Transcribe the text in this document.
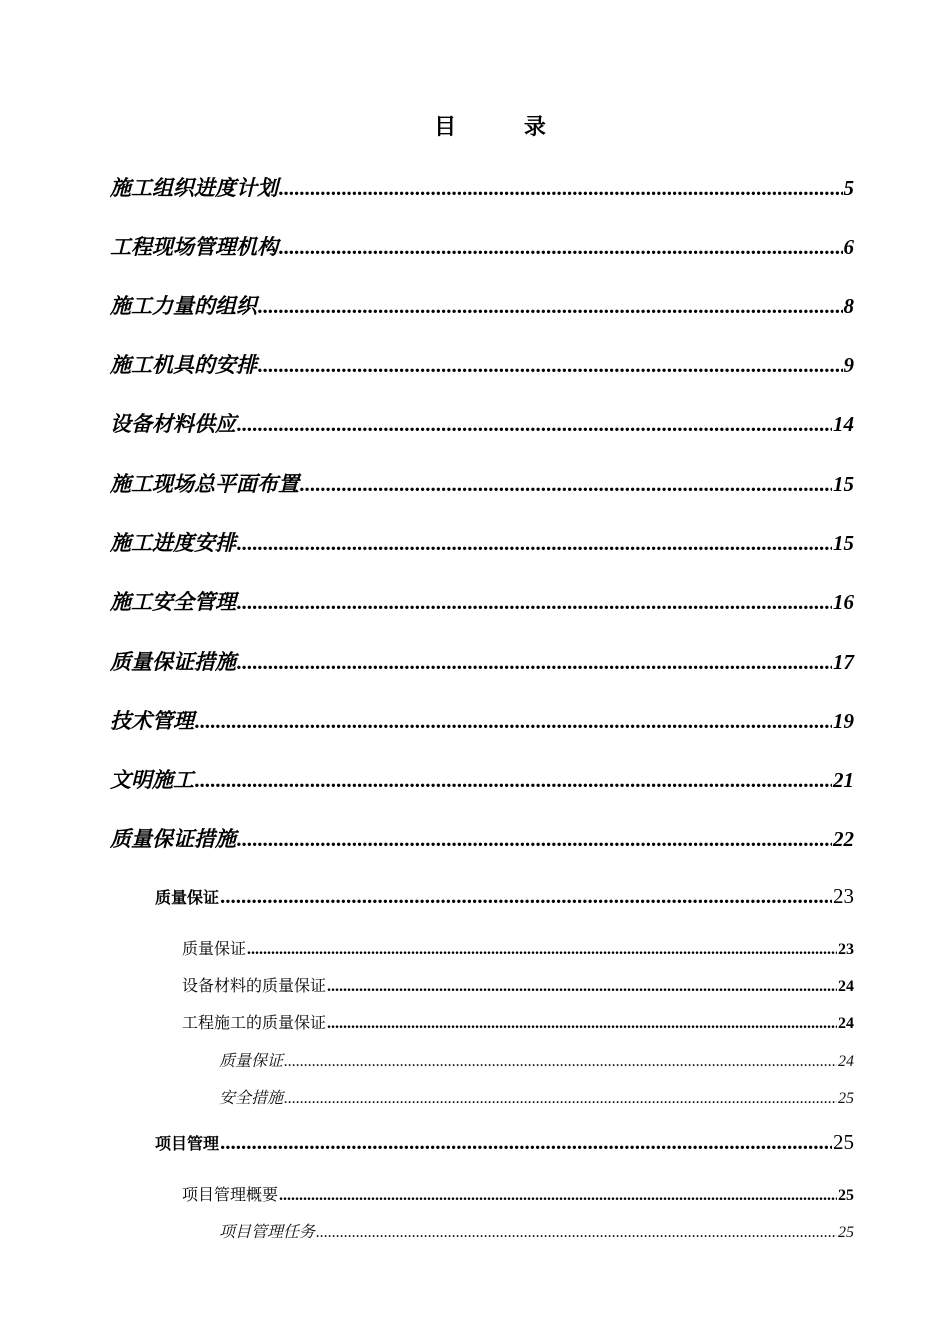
目 录
施工组织进度计划 .....	5
工程现场管理机构 .....	6
施工力量的组织 .....	8
施工机具的安排 .....	9
设备材料供应 .....	14
施工现场总平面布置 .....	15
施工进度安排 .....	15
施工安全管理 .....	16
质量保证措施 .....	17
技术管理 .....	19
文明施工 .....	21
质量保证措施 .....	22
质量保证 .....	23
质量保证 .....	23
设备材料的质量保证 .....	24
工程施工的质量保证 .....	24
质量保证 .....	24
安全措施 .....	25
项目管理 .....	25
项目管理概要 .....	25
项目管理任务 .....	25
